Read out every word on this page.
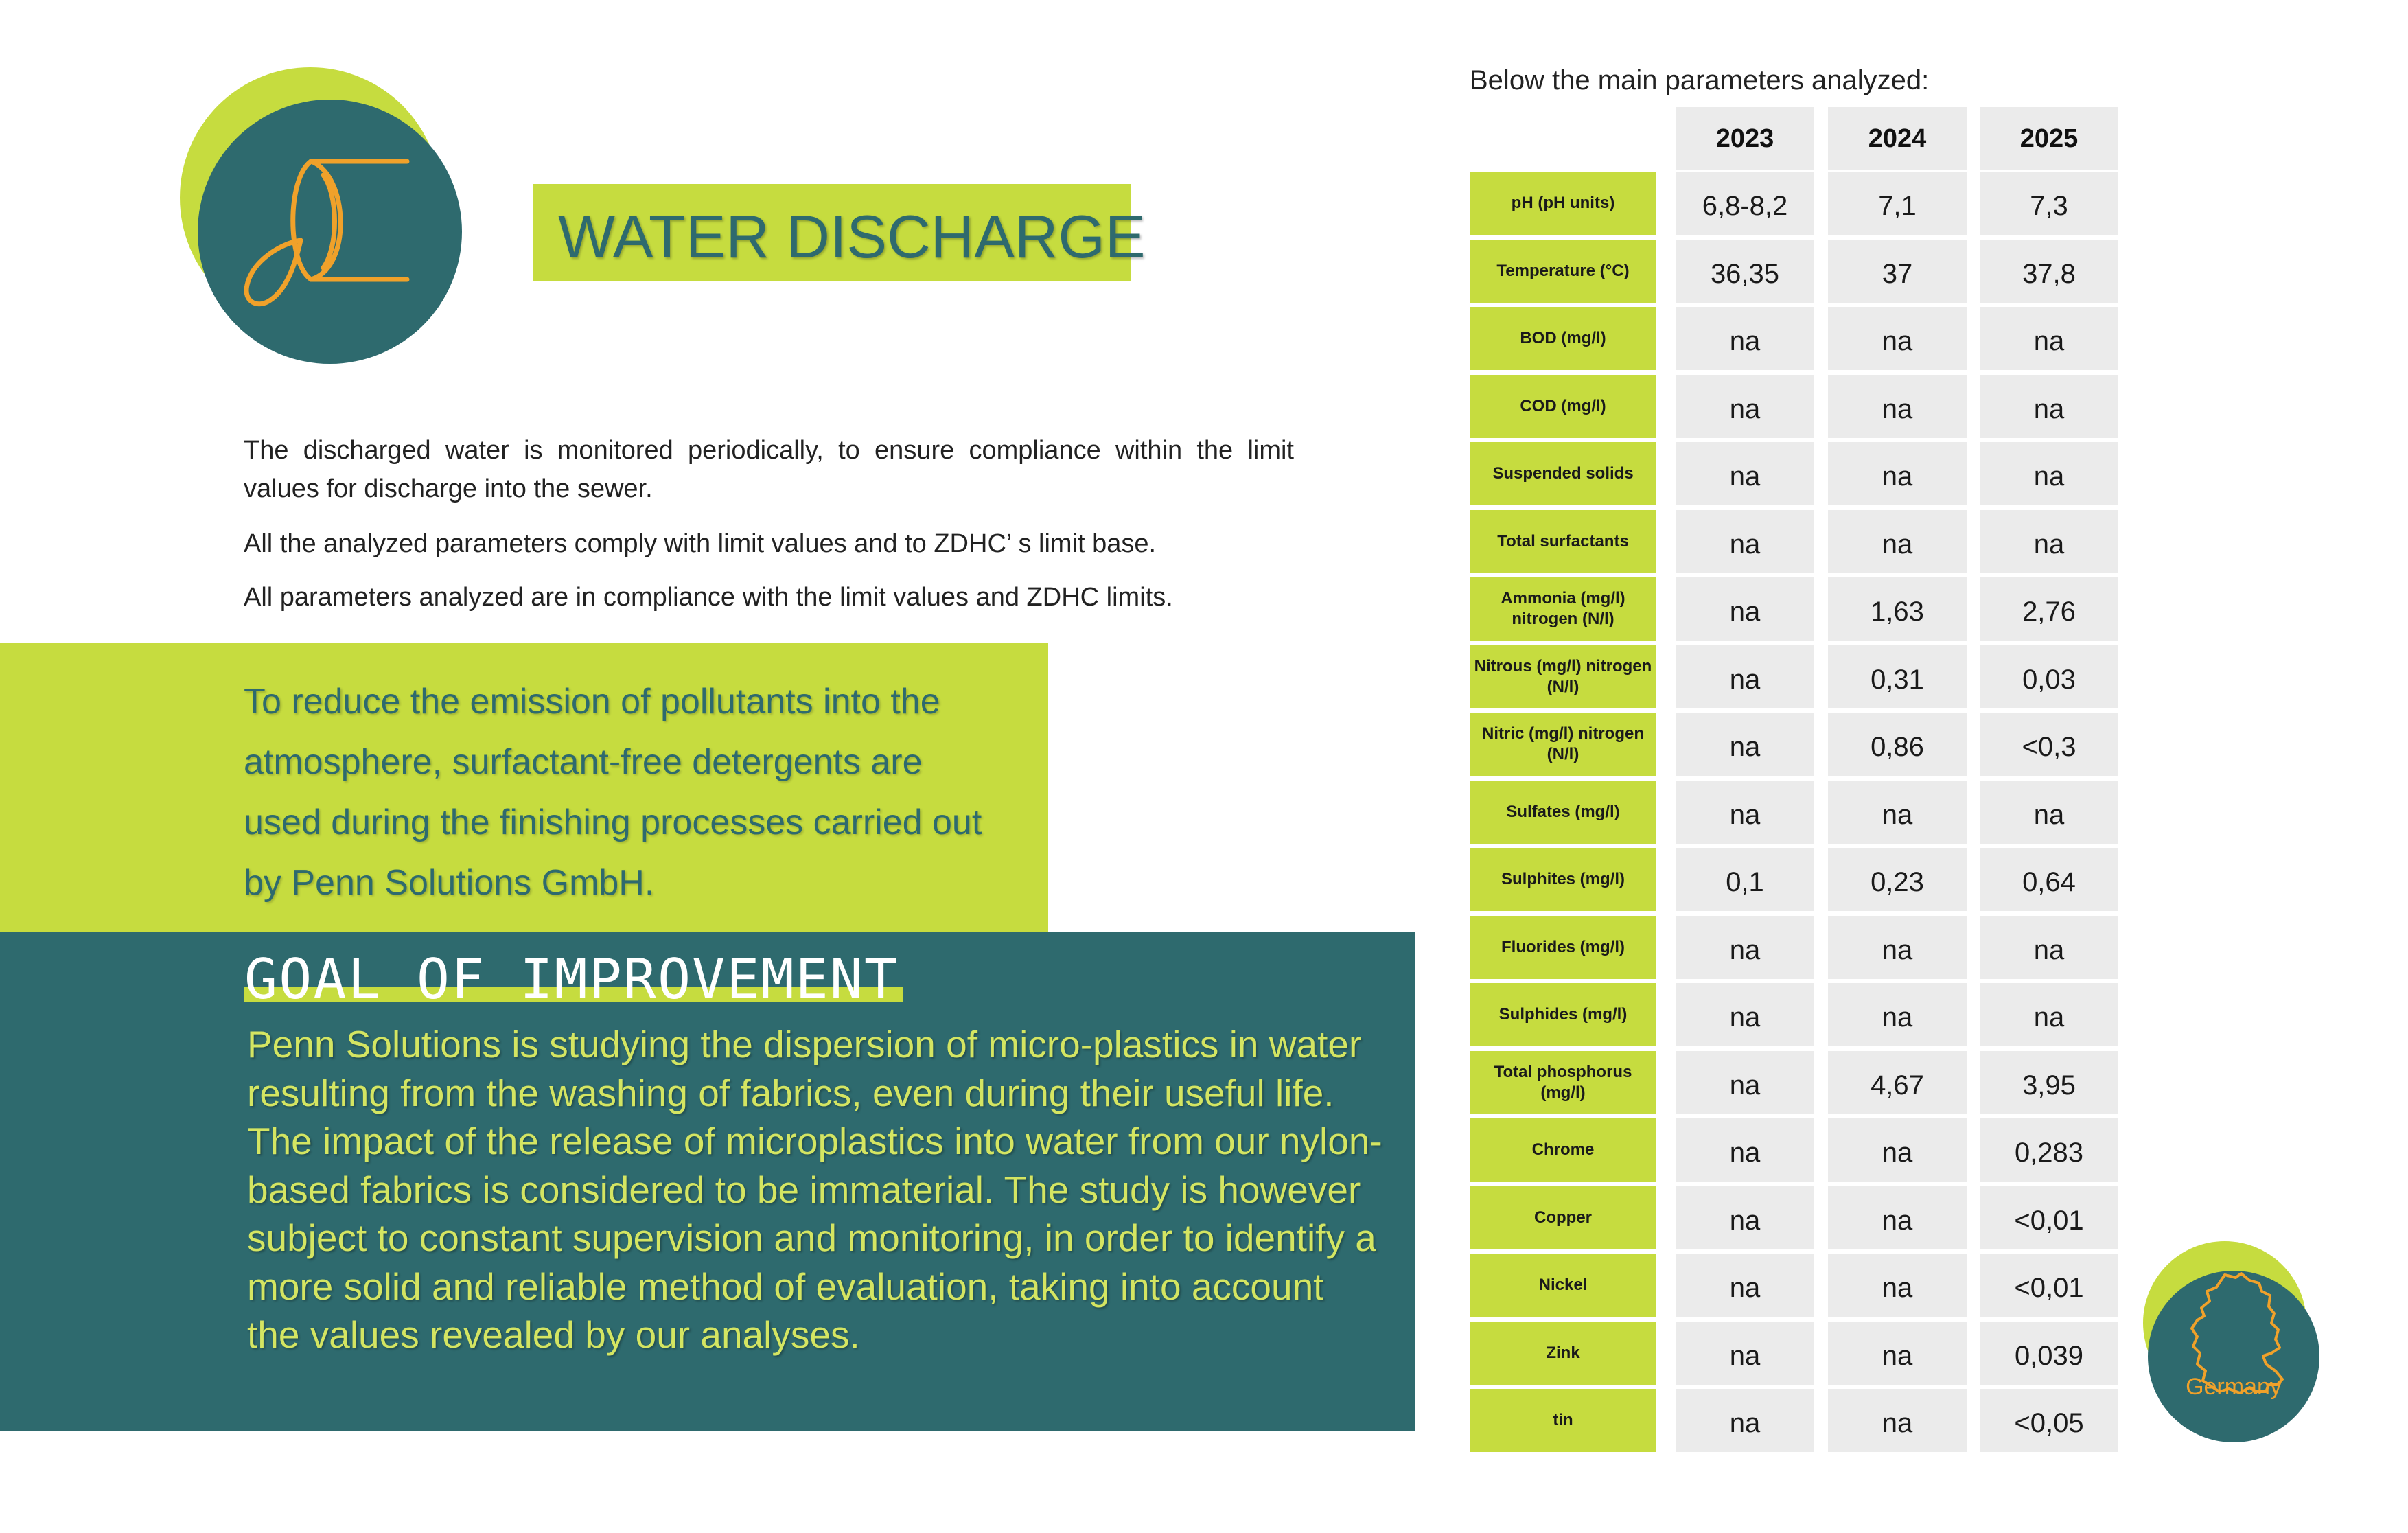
WATER DISCHARGE

The discharged water is monitored periodically, to ensure compliance within the limit values for discharge into the sewer.

All the analyzed parameters comply with limit values and to ZDHC’ s limit base.

All parameters analyzed are in compliance with the limit values and ZDHC limits.

To reduce the emission of pollutants into the atmosphere, surfactant-free detergents are used during the finishing processes carried out by Penn Solutions GmbH.

GOAL OF IMPROVEMENT

Penn Solutions is studying the dispersion of micro-plastics in water resulting from the washing of fabrics, even during their useful life. The impact of the release of microplastics into water from our nylon-based fabrics is considered to be immaterial. The study is however subject to constant supervision and monitoring, in order to identify a more solid and reliable method of evaluation, taking into account the values revealed by our analyses.

Below the main parameters analyzed:
2023	2024	2025
pH (pH units)	6,8-8,2	7,1	7,3
Temperature (°C)	36,35	37	37,8
BOD (mg/l)	na	na	na
COD (mg/l)	na	na	na
Suspended solids	na	na	na
Total surfactants	na	na	na
Ammonia (mg/l) nitrogen (N/l)	na	1,63	2,76
Nitrous (mg/l) nitrogen (N/l)	na	0,31	0,03
Nitric (mg/l) nitrogen (N/l)	na	0,86	<0,3
Sulfates (mg/l)	na	na	na
Sulphites (mg/l)	0,1	0,23	0,64
Fluorides (mg/l)	na	na	na
Sulphides (mg/l)	na	na	na
Total phosphorus (mg/l)	na	4,67	3,95
Chrome	na	na	0,283
Copper	na	na	<0,01
Nickel	na	na	<0,01
Zink	na	na	0,039
tin	na	na	<0,05
Germany
